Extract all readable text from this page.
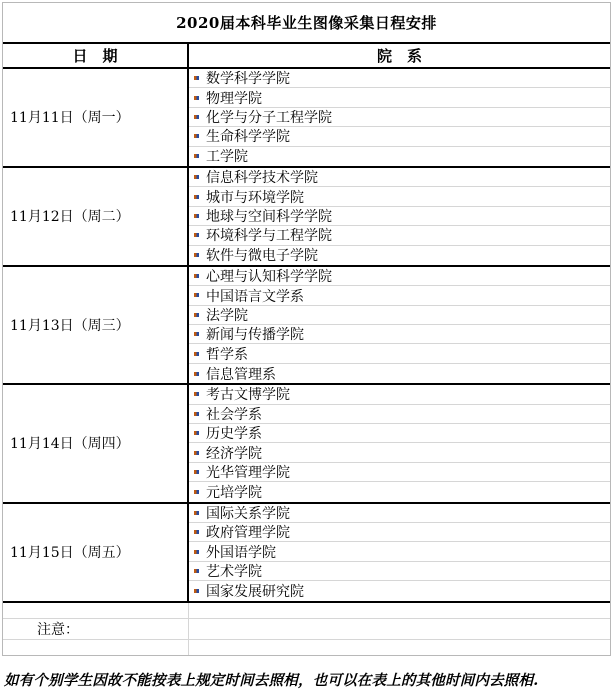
2020届本科毕业生图像采集日程安排
日　期	院　系
11月11日（周一）
数学科学学院
物理学院
化学与分子工程学院
生命科学学院
工学院
11月12日（周二）
信息科学技术学院
城市与环境学院
地球与空间科学学院
环境科学与工程学院
软件与微电子学院
11月13日（周三）
心理与认知科学学院
中国语言文学系
法学院
新闻与传播学院
哲学系
信息管理系
11月14日（周四）
考古文博学院
社会学系
历史学系
经济学院
光华管理学院
元培学院
11月15日（周五）
国际关系学院
政府管理学院
外国语学院
艺术学院
国家发展研究院
注意：
如有个别学生因故不能按表上规定时间去照相，也可以在表上的其他时间内去照相.
